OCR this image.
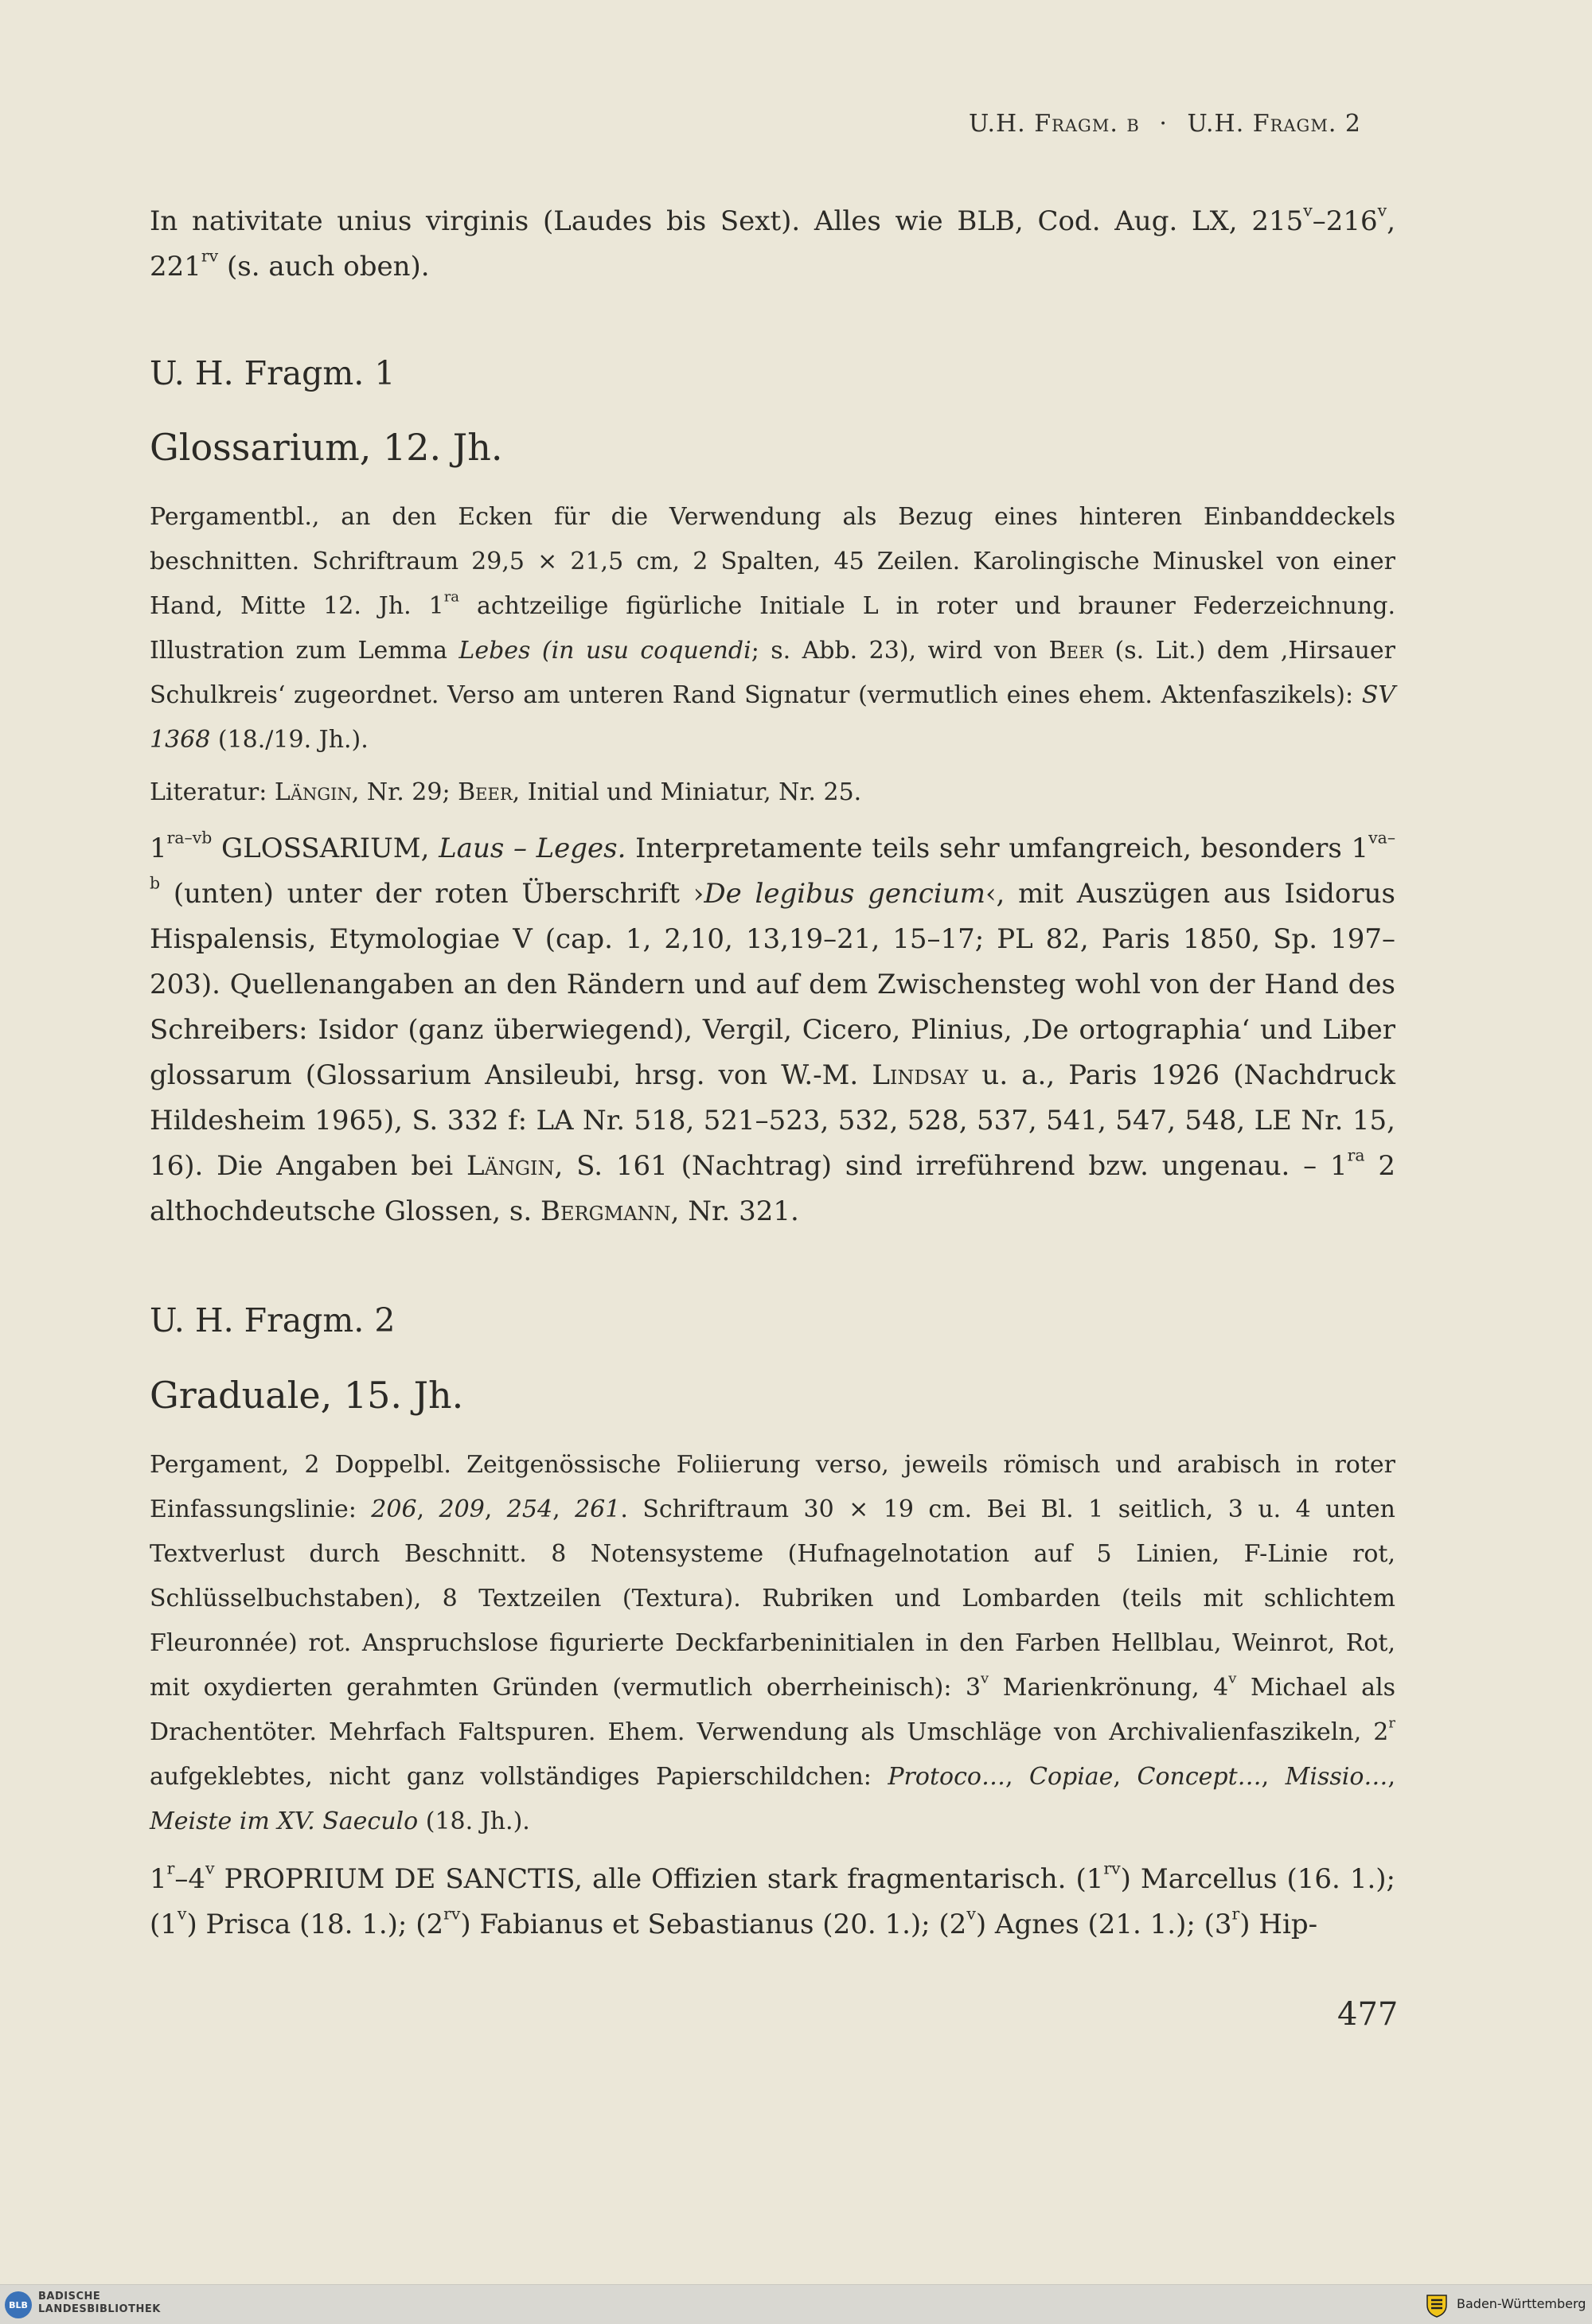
U.H. Fragm. b · U.H. Fragm. 2

In nativitate unius virginis (Laudes bis Sext). Alles wie BLB, Cod. Aug. LX, 215$^v$–216$^v$, $221^{rv}$ (s. auch oben).

U. H. Fragm. 1
Glossarium, 12. Jh.

Pergamentbl., an den Ecken für die Verwendung als Bezug eines hinteren Einbanddeckels beschnitten. Schriftraum 29,5 × 21,5 cm, 2 Spalten, 45 Zeilen. Karolingische Minuskel von einer Hand, Mitte 12. Jh. $1^{ra}$ achtzeilige figürliche Initiale L in roter und brauner Federzeichnung. Illustration zum Lemma Lebes (in usu coquendi; s. Abb. 23), wird von Beer (s. Lit.) dem ‚Hirsauer Schulkreis‘ zugeordnet. Verso am unteren Rand Signatur (vermutlich eines ehem. Aktenfaszikels): SV 1368 (18./19. Jh.).

Literatur: Längin, Nr. 29; Beer, Initial und Miniatur, Nr. 25.

$1^{ra-vb}$ GLOSSARIUM, Laus – Leges. Interpretamente teils sehr umfangreich, besonders $1^{va-b}$ (unten) unter der roten Überschrift ›De legibus gencium‹, mit Auszügen aus Isidorus Hispalensis, Etymologiae V (cap. 1, 2,10, 13,19–21, 15–17; PL 82, Paris 1850, Sp. 197–203). Quellenangaben an den Rändern und auf dem Zwischensteg wohl von der Hand des Schreibers: Isidor (ganz überwiegend), Vergil, Cicero, Plinius, ‚De ortographia‘ und Liber glossarum (Glossarium Ansileubi, hrsg. von W.-M. Lindsay u. a., Paris 1926 (Nachdruck Hildesheim 1965), S. 332 f: LA Nr. 518, 521–523, 532, 528, 537, 541, 547, 548, LE Nr. 15, 16). Die Angaben bei Längin, S. 161 (Nachtrag) sind irreführend bzw. ungenau. – $1^{ra}$ 2 althochdeutsche Glossen, s. Bergmann, Nr. 321.

U. H. Fragm. 2
Graduale, 15. Jh.

Pergament, 2 Doppelbl. Zeitgenössische Foliierung verso, jeweils römisch und arabisch in roter Einfassungslinie: 206, 209, 254, 261. Schriftraum 30 × 19 cm. Bei Bl. 1 seitlich, 3 u. 4 unten Textverlust durch Beschnitt. 8 Notensysteme (Hufnagelnotation auf 5 Linien, F-Linie rot, Schlüsselbuchstaben), 8 Textzeilen (Textura). Rubriken und Lombarden (teils mit schlichtem Fleuronnée) rot. Anspruchslose figurierte Deckfarbeninitialen in den Farben Hellblau, Weinrot, Rot, mit oxydierten gerahmten Gründen (vermutlich oberrheinisch): 3$^v$ Marienkrönung, 4$^v$ Michael als Drachentöter. Mehrfach Faltspuren. Ehem. Verwendung als Umschläge von Archivalienfaszikeln, 2$^r$ aufgeklebtes, nicht ganz vollständiges Papierschildchen: Protoco…, Copiae, Concept…, Missio…, Meiste im XV. Saeculo (18. Jh.).

1$^r$–4$^v$ PROPRIUM DE SANCTIS, alle Offizien stark fragmentarisch. $(1^{rv})$ Marcellus (16. 1.); (1$^v$) Prisca (18. 1.); $(2^{rv})$ Fabianus et Sebastianus (20. 1.); (2$^v$) Agnes (21. 1.); (3$^r$) Hip-

477
BLB
BADISCHE
LANDESBIBLIOTHEK	Baden-Württemberg
